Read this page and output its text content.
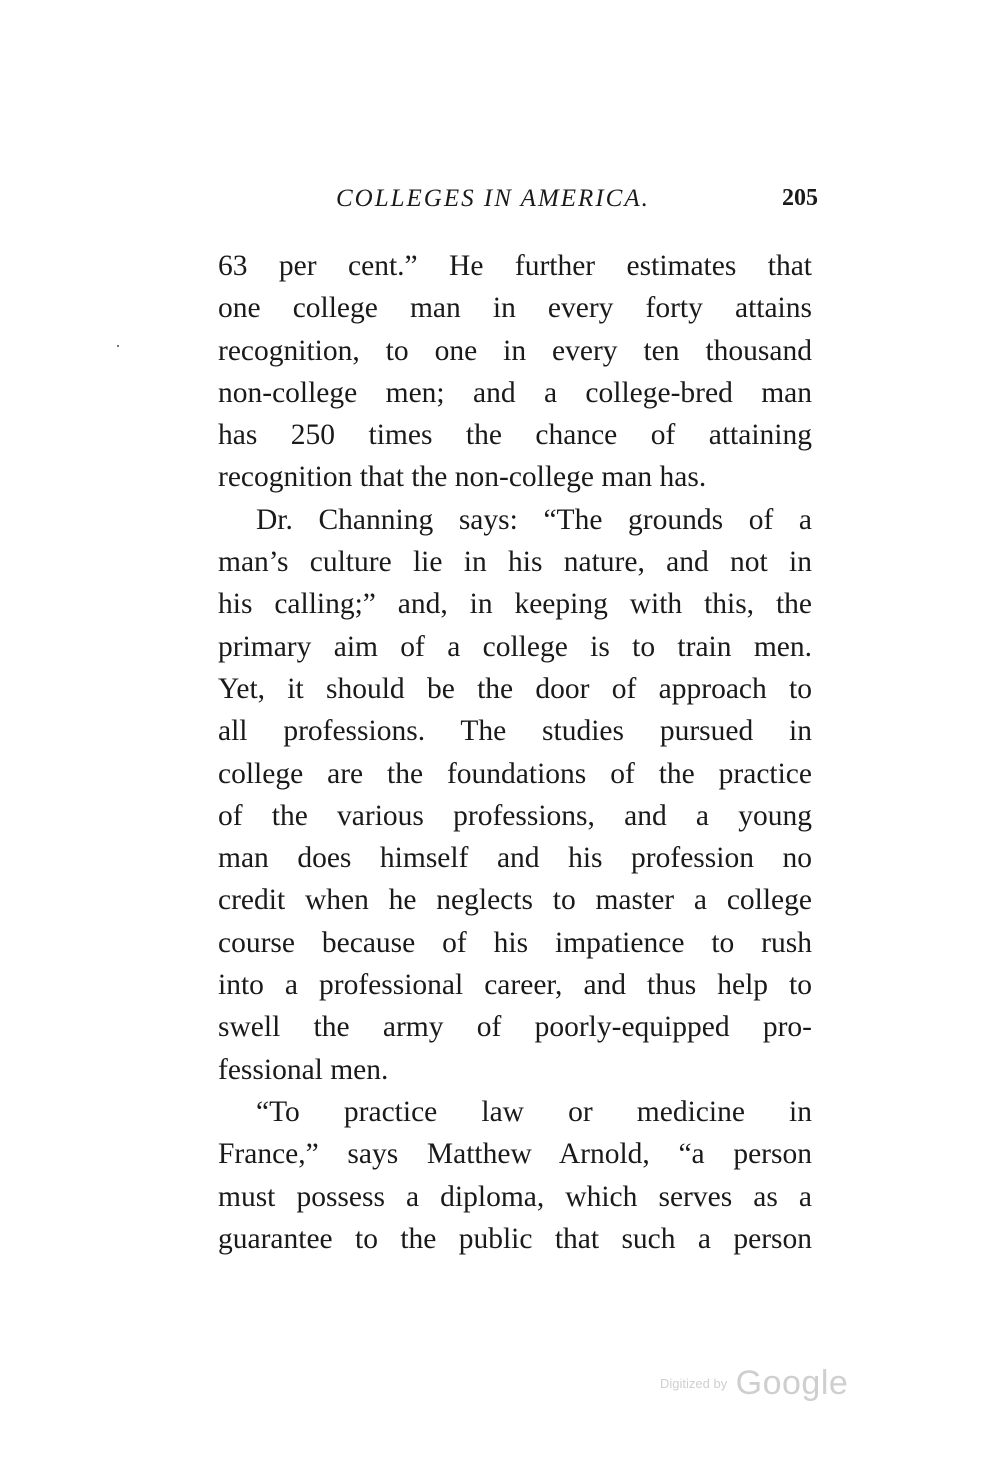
COLLEGES IN AMERICA.	205
63 per cent.” He further estimates that
one college man in every forty attains
recognition, to one in every ten thousand
non-college men; and a college-bred man
has 250 times the chance of attaining
recognition that the non-college man has.
Dr. Channing says: “The grounds of a
man’s culture lie in his nature, and not in
his calling;” and, in keeping with this, the
primary aim of a college is to train men.
Yet, it should be the door of approach to
all professions. The studies pursued in
college are the foundations of the practice
of the various professions, and a young
man does himself and his profession no
credit when he neglects to master a college
course because of his impatience to rush
into a professional career, and thus help to
swell the army of poorly-equipped pro-
fessional men.
“To practice law or medicine in
France,” says Matthew Arnold, “a person
must possess a diploma, which serves as a
guarantee to the public that such a person
Digitized by Google
